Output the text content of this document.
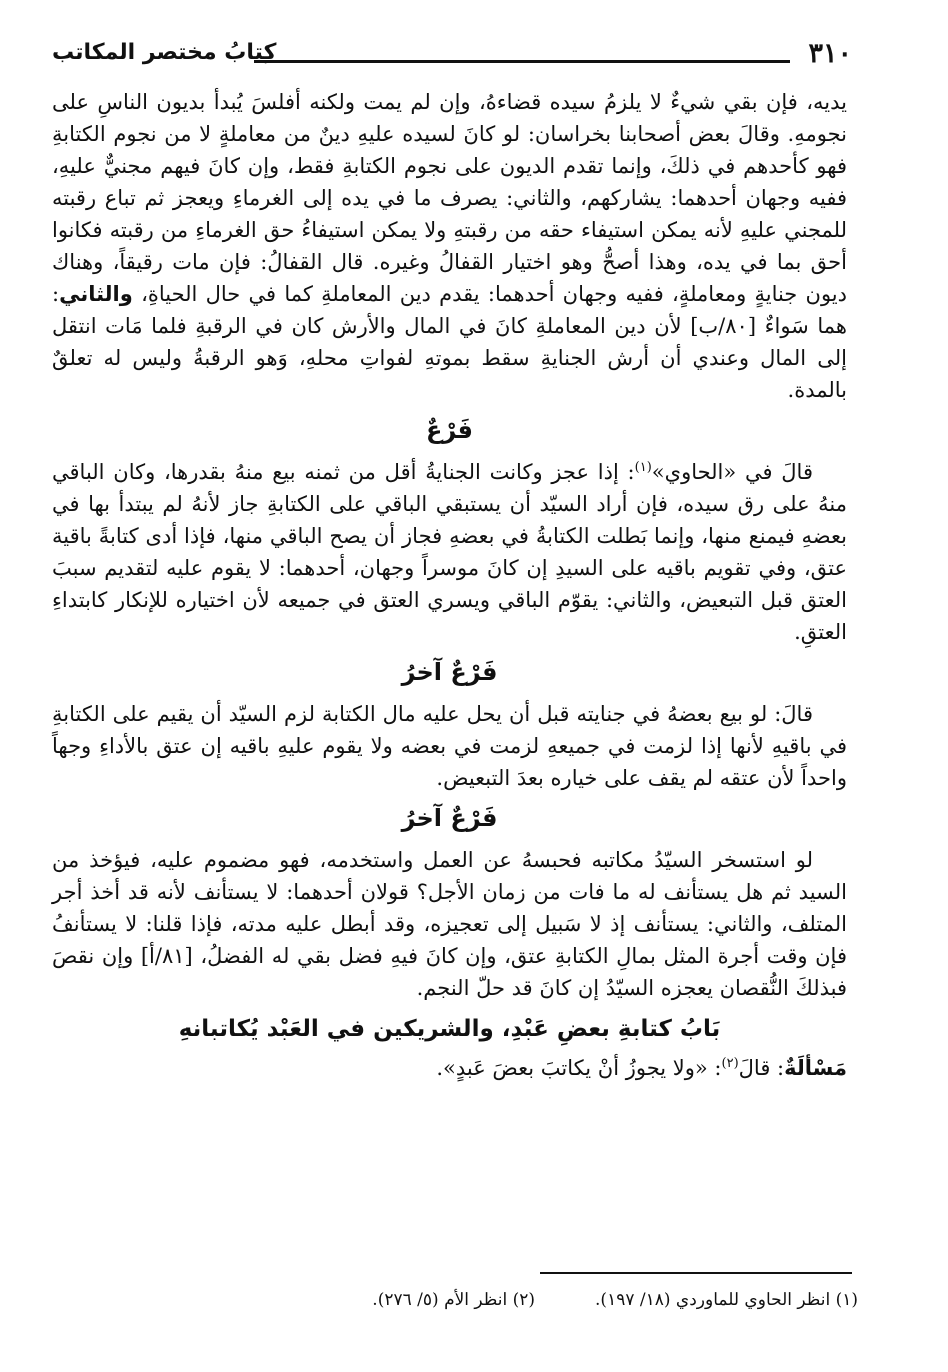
٣١٠
كِتابُ مختصر المكاتب

يديه، فإن بقي شيءٌ لا يلزمُ سيده قضاءهُ، وإن لم يمت ولكنه أفلسَ يُبدأ بديون الناسِ على نجومهِ. وقالَ بعض أصحابنا بخراسان: لو كانَ لسيده عليهِ دينٌ من معاملةٍ لا من نجوم الكتابةِ فهو كأحدهم في ذلكَ، وإنما تقدم الديون على نجوم الكتابةِ فقط، وإن كانَ فيهم مجنيٌّ عليهِ، ففيه وجهان أحدهما: يشاركهم، والثاني: يصرف ما في يده إلى الغرماءِ ويعجز ثم تباع رقبته للمجني عليهِ لأنه يمكن استيفاء حقه من رقبتهِ ولا يمكن استيفاءُ حق الغرماءِ من رقبته فكانوا أحق بما في يده، وهذا أصحُّ وهو اختيار القفالُ وغيره. قال القفالُ: فإن مات رقيقاً، وهناك ديون جنايةٍ ومعاملةٍ، ففيه وجهان أحدهما: يقدم دين المعاملةِ كما في حال الحياةِ، والثاني: هما سَواءٌ [٨٠/ب] لأن دين المعاملةِ كانَ في المال والأرش كان في الرقبةِ فلما مَات انتقل إلى المال وعندي أن أرش الجنايةِ سقط بموتهِ لفواتِ محلهِ، وَهو الرقبةُ وليس له تعلقٌ بالمدة.

فَرْعٌ

قالَ في «الحاوي»$^{(١)}$: إذا عجز وكانت الجنايةُ أقل من ثمنه بيع منهُ بقدرها، وكان الباقي منهُ على رق سيده، فإن أراد السيّد أن يستبقي الباقي على الكتابةِ جاز لأنهُ لم يبتدأ بها في بعضهِ فيمنع منها، وإنما بَطلت الكتابةُ في بعضهِ فجاز أن يصح الباقي منها، فإذا أدى كتابةً باقية عتق، وفي تقويم باقيه على السيدِ إن كانَ موسراً وجهان، أحدهما: لا يقوم عليه لتقديم سببَ العتق قبل التبعيض، والثاني: يقوّم الباقي ويسري العتق في جميعه لأن اختياره للإنكار كابتداءِ العتقِ.

فَرْعٌ آخرُ

قالَ: لو بيع بعضهُ في جنايته قبل أن يحل عليه مال الكتابة لزم السيّد أن يقيم على الكتابةِ في باقيهِ لأنها إذا لزمت في جميعهِ لزمت في بعضه ولا يقوم عليهِ باقيه إن عتق بالأداءِ وجهاً واحداً لأن عتقه لم يقف على خياره بعدَ التبعيض.

فَرْعٌ آخرُ

لو استسخر السيّدُ مكاتبه فحبسهُ عن العمل واستخدمه، فهو مضموم عليه، فيؤخذ من السيد ثم هل يستأنف له ما فات من زمان الأجل؟ قولان أحدهما: لا يستأنف لأنه قد أخذ أجر المتلف، والثاني: يستأنف إذ لا سَبيل إلى تعجيزه، وقد أبطل عليه مدته، فإذا قلنا: لا يستأنفُ فإن وقت أجرة المثل بمالِ الكتابةِ عتق، وإن كانَ فيهِ فضل بقي له الفضلُ، [٨١/أ] وإن نقصَ فبذلكَ النُّقصان يعجزه السيّدُ إن كانَ قد حلّ النجم.

بَابُ كتابةِ بعضِ عَبْدِ، والشريكين في العَبْد يُكاتبانهِ

مَسْألَةٌ: قالَ$^{(٢)}$: «ولا يجوزُ أنْ يكاتبَ بعضَ عَبدٍ».

(١) انظر الحاوي للماوردي (١٨/ ١٩٧).
(٢) انظر الأم (٥/ ٢٧٦).
